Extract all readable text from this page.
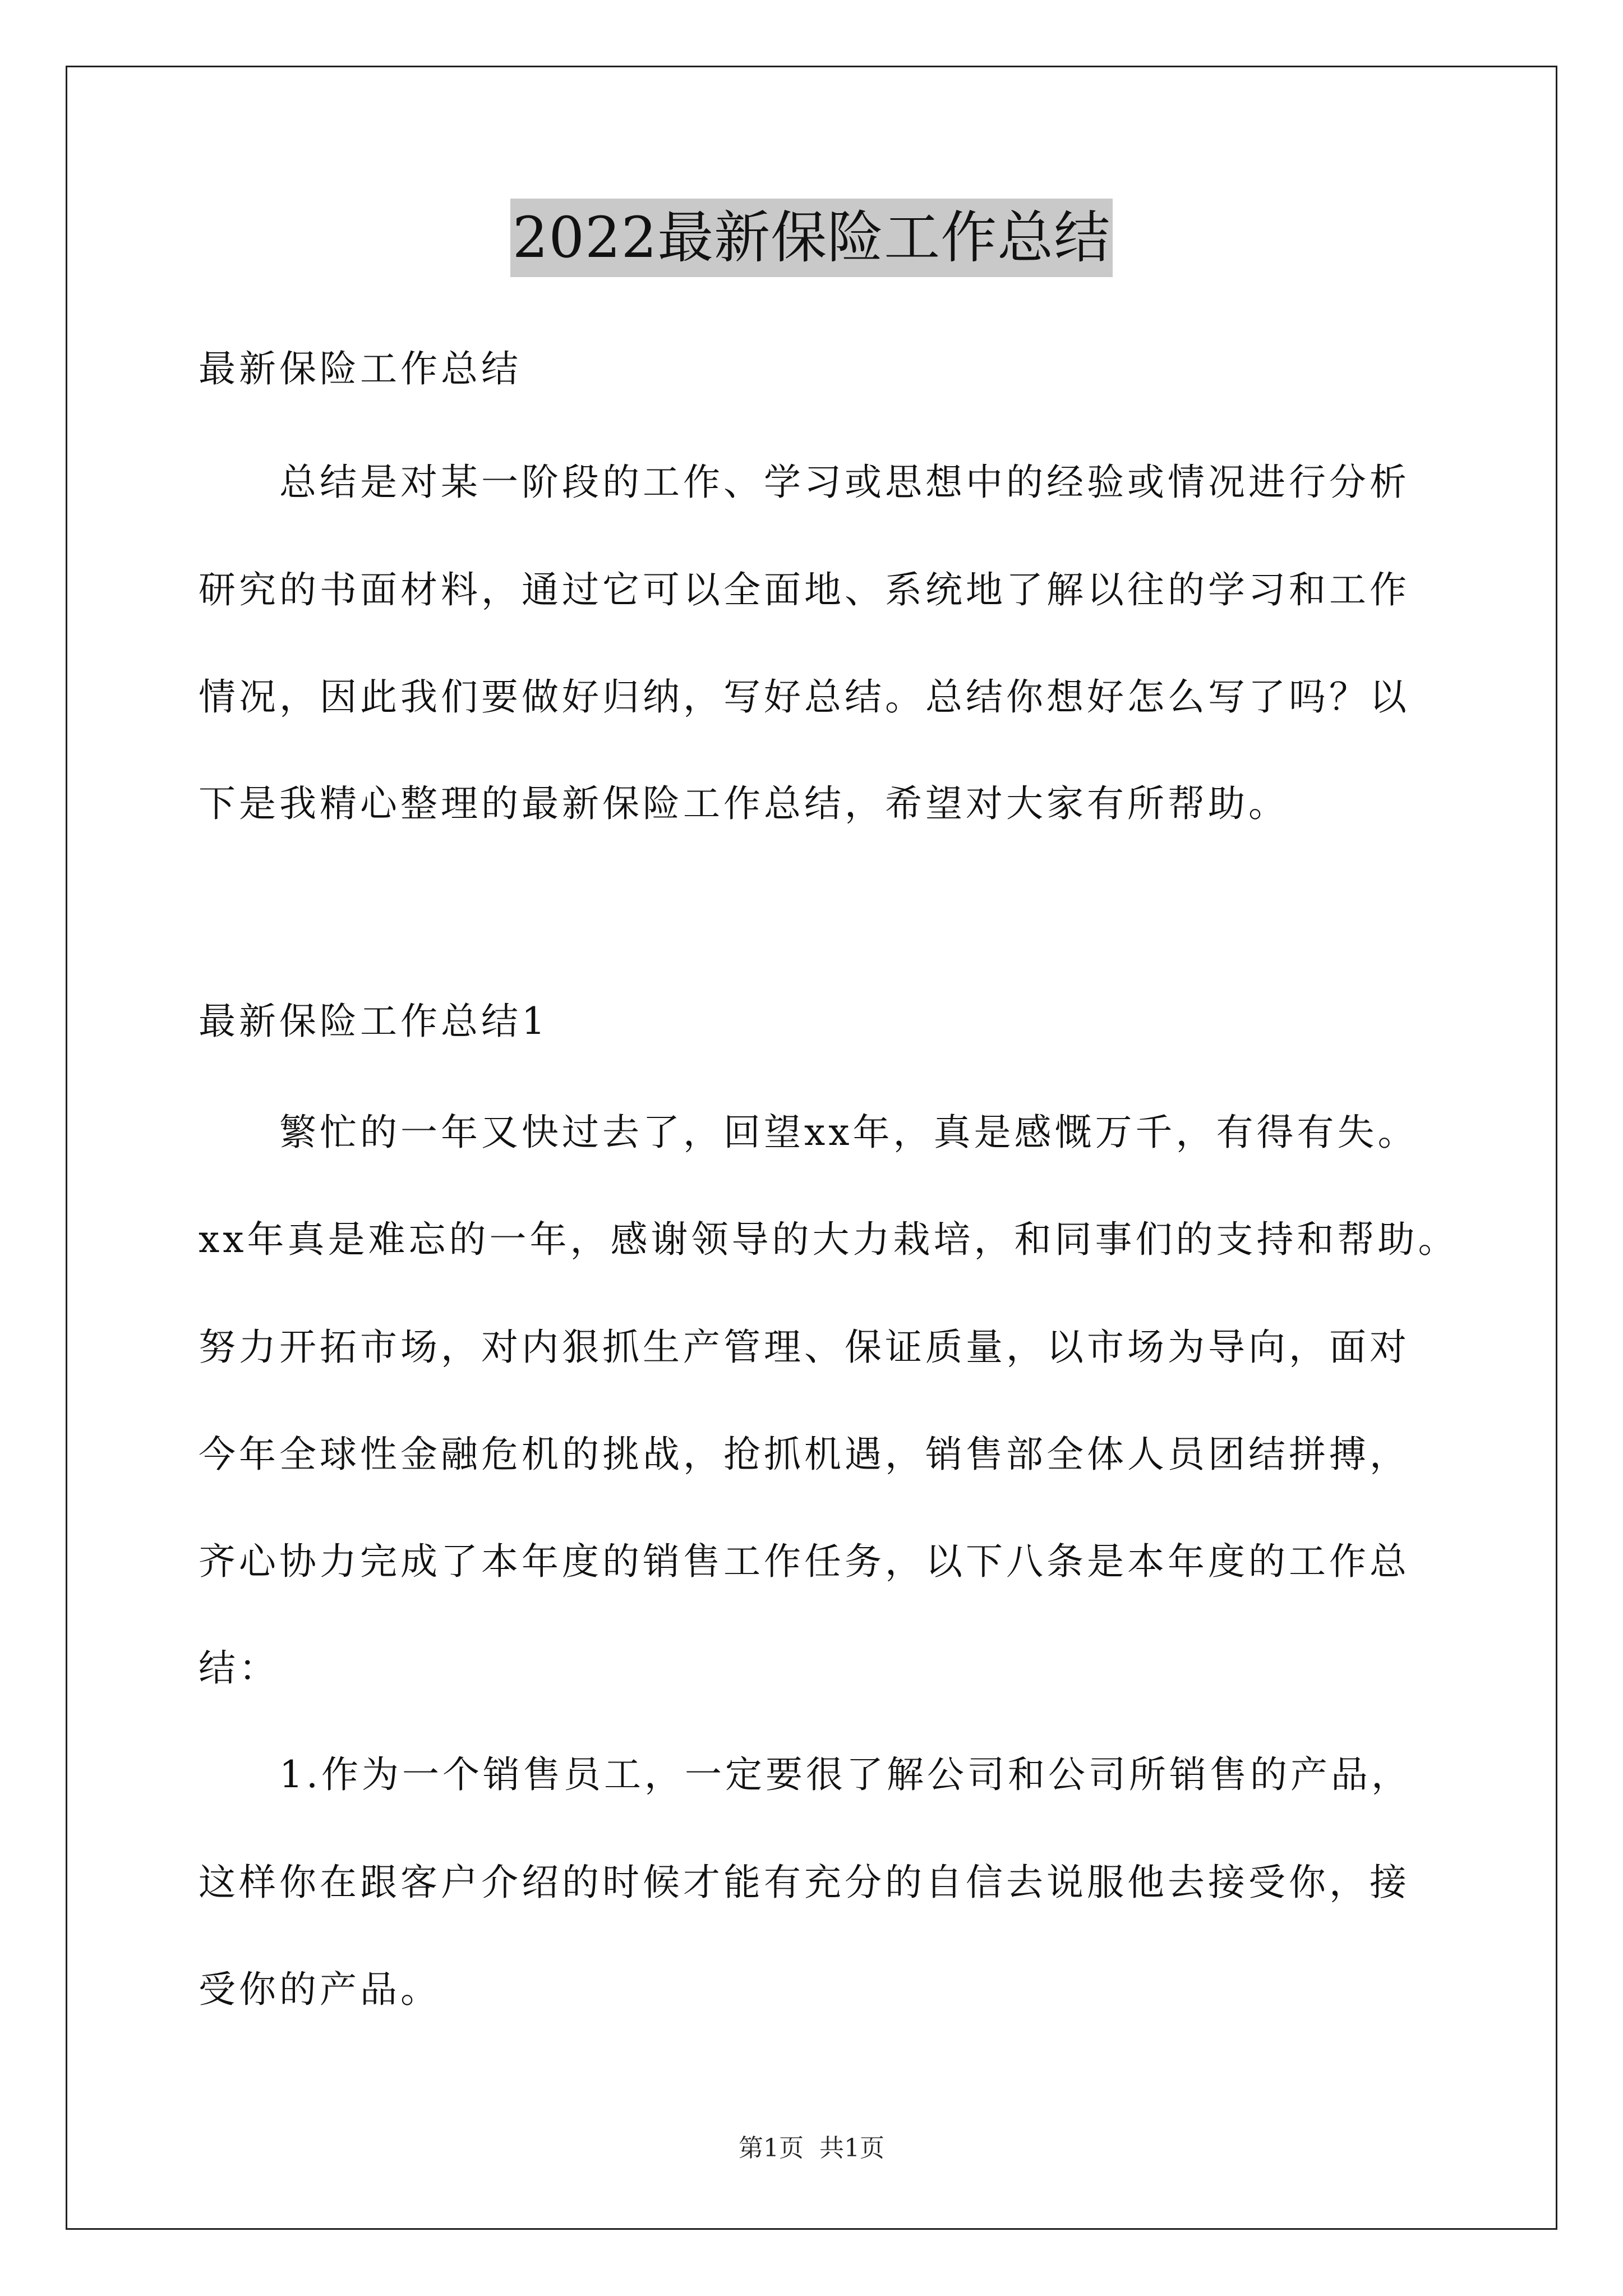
2022最新保险工作总结
最新保险工作总结
　　总结是对某一阶段的工作、学习或思想中的经验或情况进行分析
研究的书面材料，通过它可以全面地、系统地了解以往的学习和工作
情况，因此我们要做好归纳，写好总结。总结你想好怎么写了吗？以
下是我精心整理的最新保险工作总结，希望对大家有所帮助。
最新保险工作总结1
　　繁忙的一年又快过去了，回望xx年，真是感慨万千，有得有失。
xx年真是难忘的一年，感谢领导的大力栽培，和同事们的支持和帮助。
努力开拓市场，对内狠抓生产管理、保证质量，以市场为导向，面对
今年全球性金融危机的挑战，抢抓机遇，销售部全体人员团结拼搏，
齐心协力完成了本年度的销售工作任务，以下八条是本年度的工作总
结：
　　1.作为一个销售员工，一定要很了解公司和公司所销售的产品，
这样你在跟客户介绍的时候才能有充分的自信去说服他去接受你，接
受你的产品。
第1页 共1页
